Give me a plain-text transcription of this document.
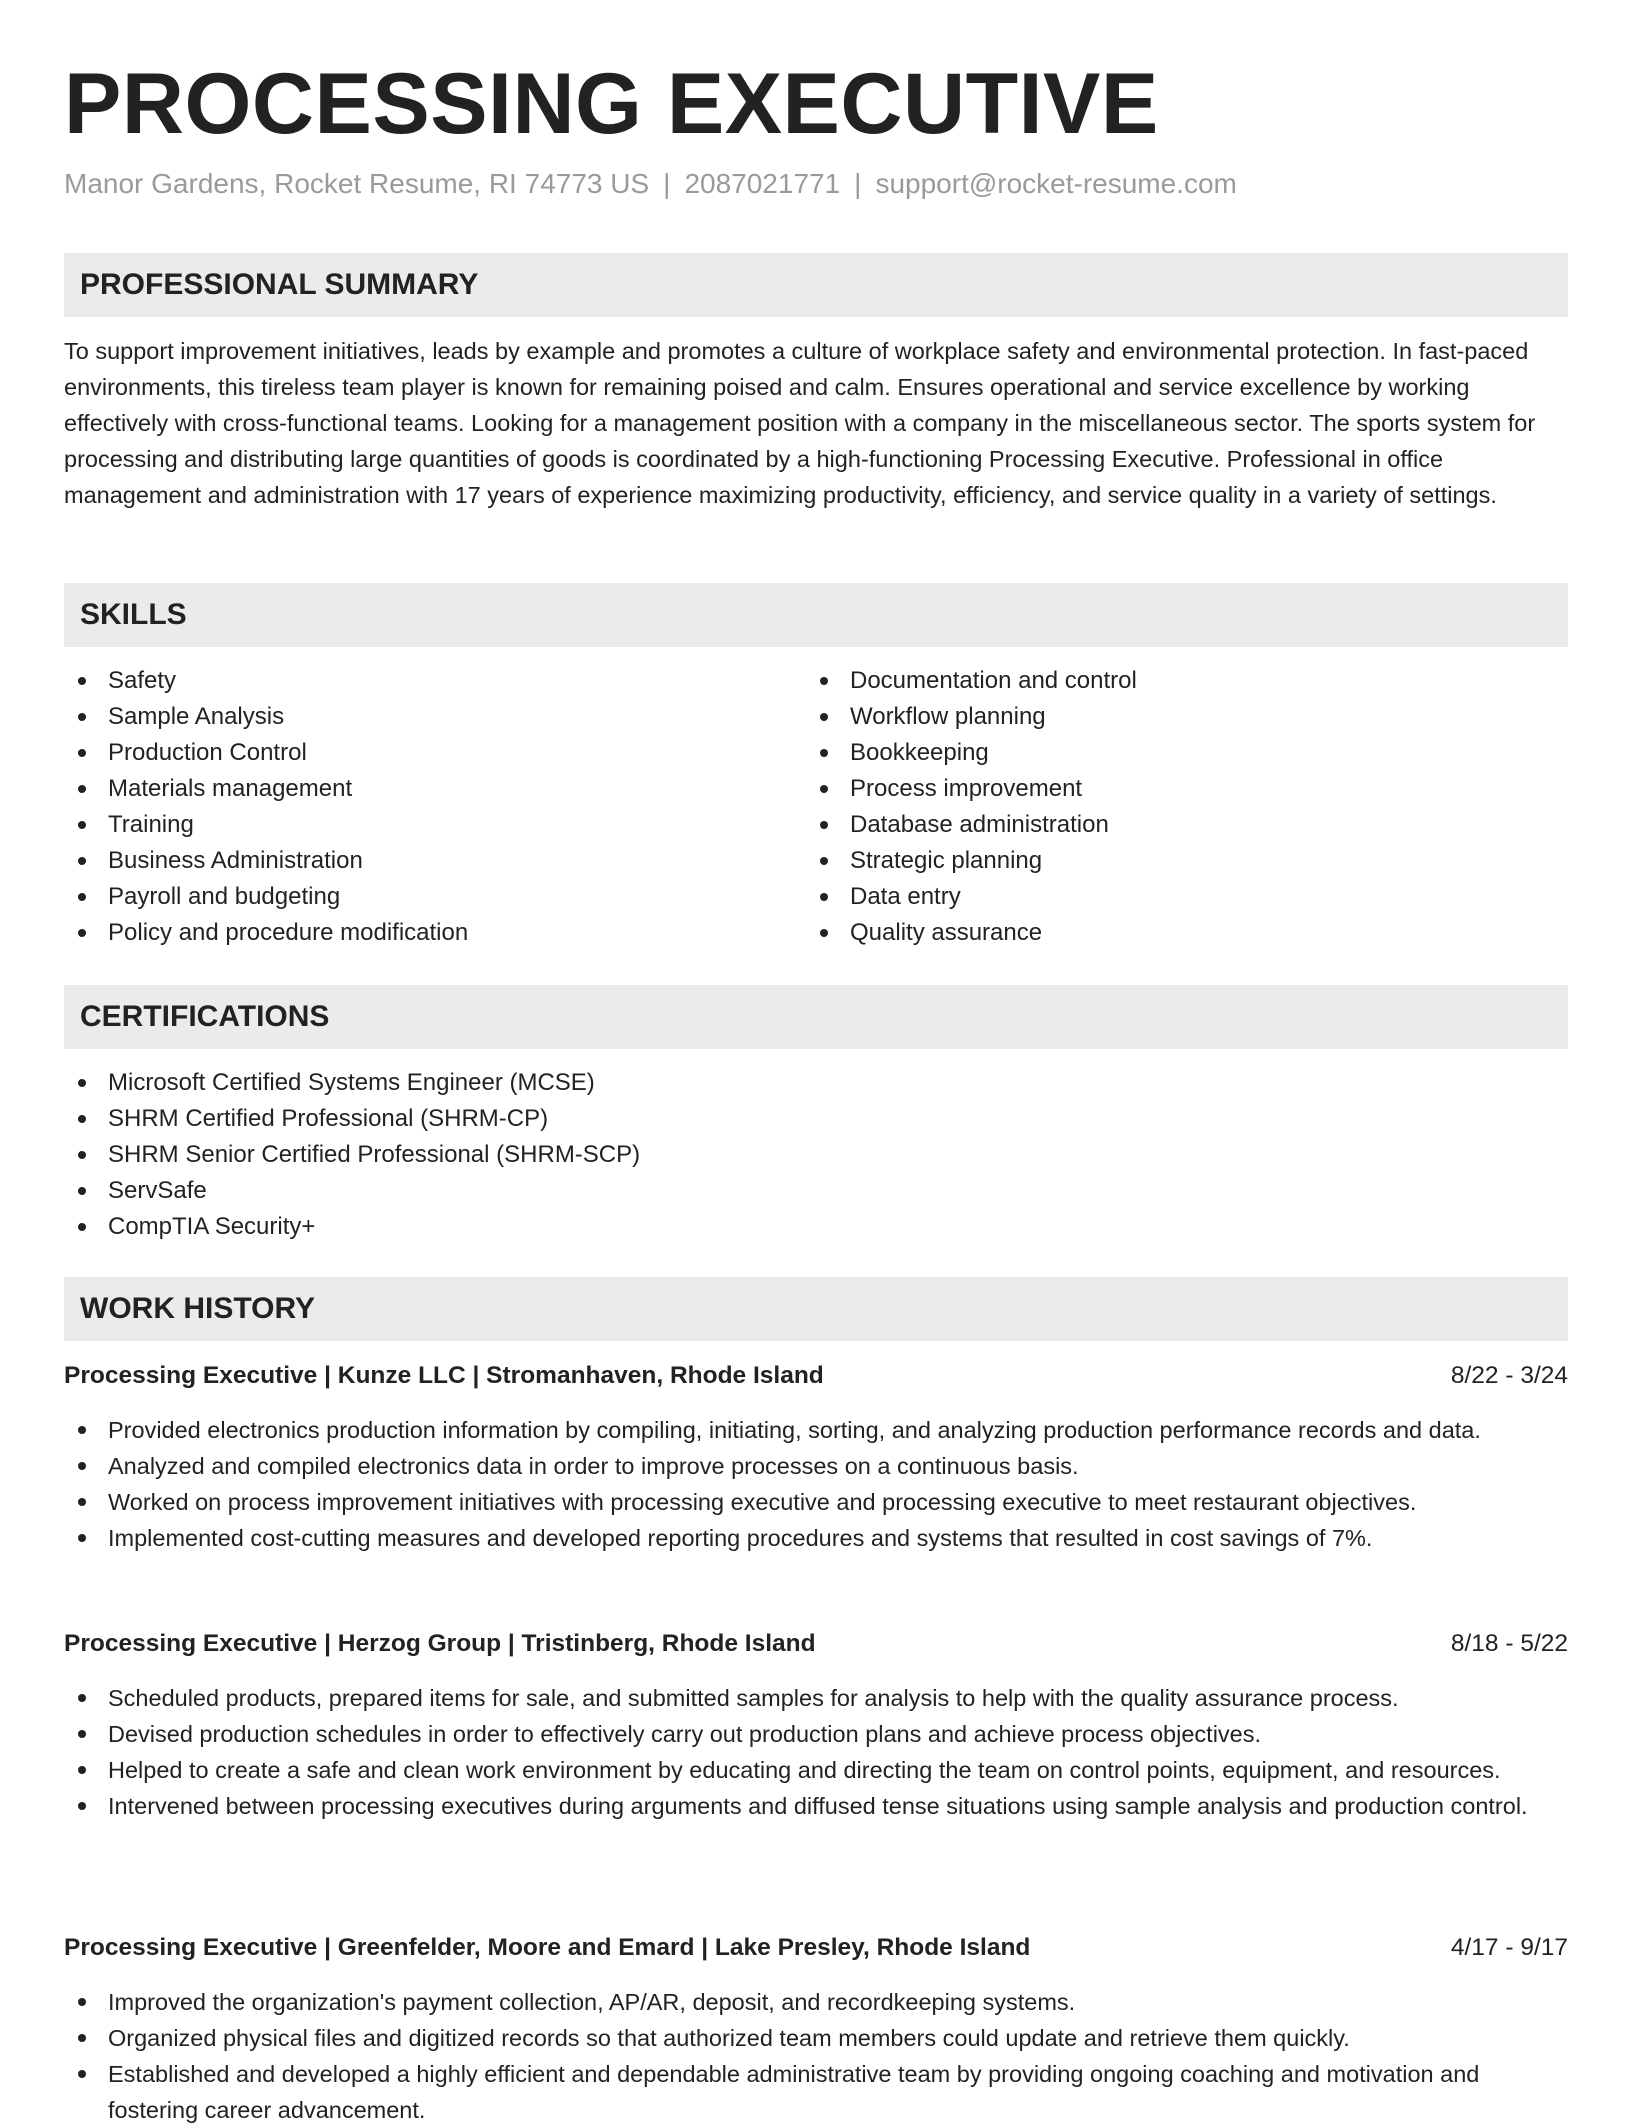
PROCESSING EXECUTIVE
Manor Gardens, Rocket Resume, RI 74773 US | 2087021771 | support@rocket-resume.com
PROFESSIONAL SUMMARY

To support improvement initiatives, leads by example and promotes a culture of workplace safety and environmental protection. In fast-paced environments, this tireless team player is known for remaining poised and calm. Ensures operational and service excellence by working effectively with cross-functional teams. Looking for a management position with a company in the miscellaneous sector. The sports system for processing and distributing large quantities of goods is coordinated by a high-functioning Processing Executive. Professional in office management and administration with 17 years of experience maximizing productivity, efficiency, and service quality in a variety of settings.

SKILLS
Safety
Sample Analysis
Production Control
Materials management
Training
Business Administration
Payroll and budgeting
Policy and procedure modification
Documentation and control
Workflow planning
Bookkeeping
Process improvement
Database administration
Strategic planning
Data entry
Quality assurance
CERTIFICATIONS
Microsoft Certified Systems Engineer (MCSE)
SHRM Certified Professional (SHRM-CP)
SHRM Senior Certified Professional (SHRM-SCP)
ServSafe
CompTIA Security+
WORK HISTORY
Processing Executive | Kunze LLC | Stromanhaven, Rhode Island	8/22 - 3/24
Provided electronics production information by compiling, initiating, sorting, and analyzing production performance records and data.
Analyzed and compiled electronics data in order to improve processes on a continuous basis.
Worked on process improvement initiatives with processing executive and processing executive to meet restaurant objectives.
Implemented cost-cutting measures and developed reporting procedures and systems that resulted in cost savings of 7%.
Processing Executive | Herzog Group | Tristinberg, Rhode Island	8/18 - 5/22
Scheduled products, prepared items for sale, and submitted samples for analysis to help with the quality assurance process.
Devised production schedules in order to effectively carry out production plans and achieve process objectives.
Helped to create a safe and clean work environment by educating and directing the team on control points, equipment, and resources.
Intervened between processing executives during arguments and diffused tense situations using sample analysis and production control.
Processing Executive | Greenfelder, Moore and Emard | Lake Presley, Rhode Island	4/17 - 9/17
Improved the organization's payment collection, AP/AR, deposit, and recordkeeping systems.
Organized physical files and digitized records so that authorized team members could update and retrieve them quickly.
Established and developed a highly efficient and dependable administrative team by providing ongoing coaching and motivation and fostering career advancement.
